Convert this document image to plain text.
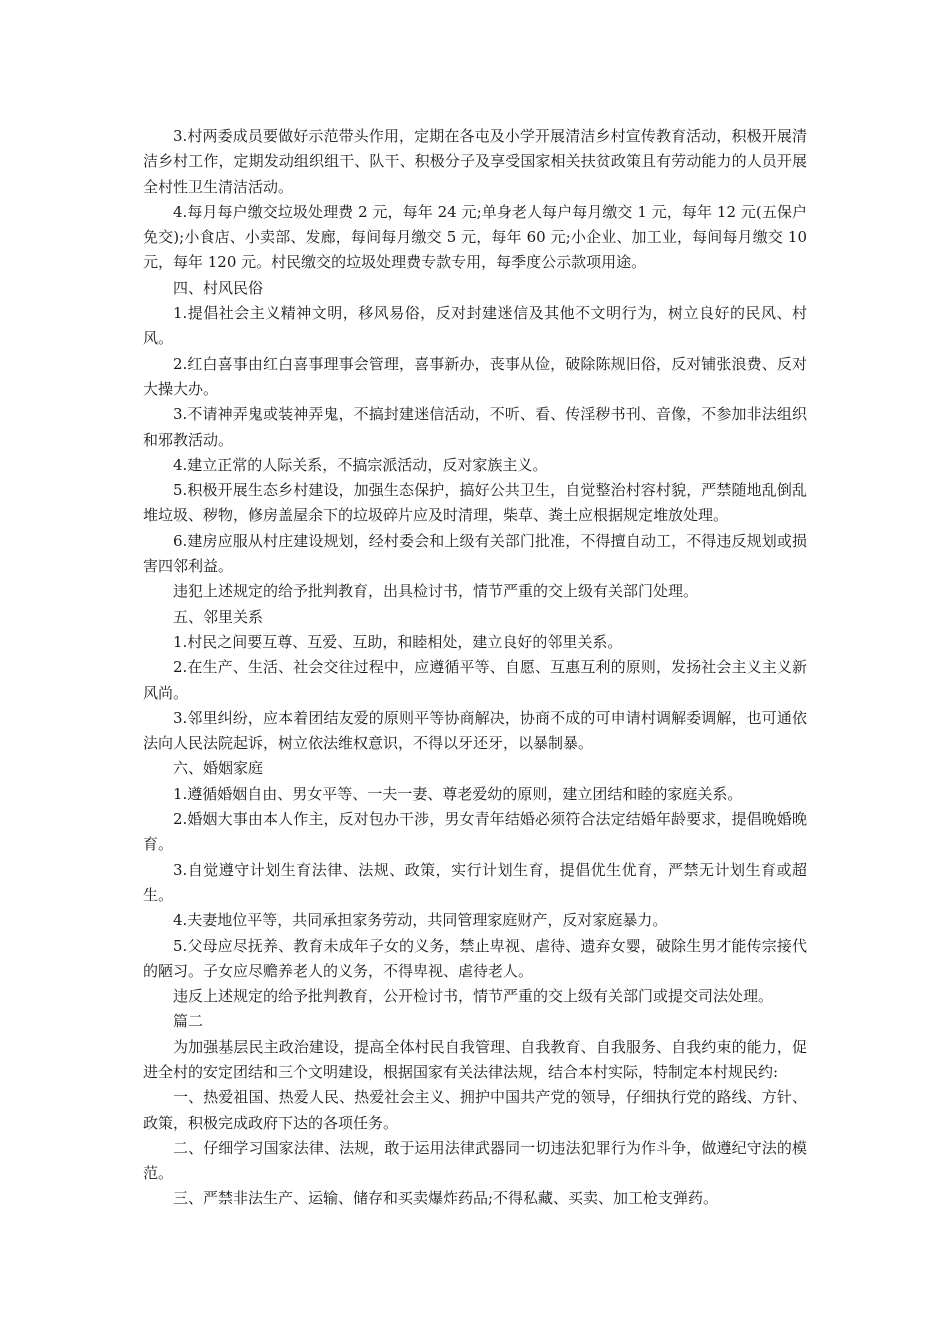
3.村两委成员要做好示范带头作用，定期在各屯及小学开展清洁乡村宣传教育活动，积极开展清洁乡村工作，定期发动组织组干、队干、积极分子及享受国家相关扶贫政策且有劳动能力的人员开展全村性卫生清洁活动。

4.每月每户缴交垃圾处理费 2 元，每年 24 元;单身老人每户每月缴交 1 元，每年 12 元(五保户免交);小食店、小卖部、发廊，每间每月缴交 5 元，每年 60 元;小企业、加工业，每间每月缴交 10 元，每年 120 元。村民缴交的垃圾处理费专款专用，每季度公示款项用途。

四、村风民俗

1.提倡社会主义精神文明，移风易俗，反对封建迷信及其他不文明行为，树立良好的民风、村风。

2.红白喜事由红白喜事理事会管理，喜事新办，丧事从俭，破除陈规旧俗，反对铺张浪费、反对大操大办。

3.不请神弄鬼或装神弄鬼，不搞封建迷信活动，不听、看、传淫秽书刊、音像，不参加非法组织和邪教活动。

4.建立正常的人际关系，不搞宗派活动，反对家族主义。

5.积极开展生态乡村建设，加强生态保护，搞好公共卫生，自觉整治村容村貌，严禁随地乱倒乱堆垃圾、秽物，修房盖屋余下的垃圾碎片应及时清理，柴草、粪土应根据规定堆放处理。

6.建房应服从村庄建设规划，经村委会和上级有关部门批准，不得擅自动工，不得违反规划或损害四邻利益。

违犯上述规定的给予批判教育，出具检讨书，情节严重的交上级有关部门处理。

五、邻里关系

1.村民之间要互尊、互爱、互助，和睦相处，建立良好的邻里关系。

2.在生产、生活、社会交往过程中，应遵循平等、自愿、互惠互利的原则，发扬社会主义主义新风尚。

3.邻里纠纷，应本着团结友爱的原则平等协商解决，协商不成的可申请村调解委调解，也可通依法向人民法院起诉，树立依法维权意识，不得以牙还牙，以暴制暴。

六、婚姻家庭

1.遵循婚姻自由、男女平等、一夫一妻、尊老爱幼的原则，建立团结和睦的家庭关系。

2.婚姻大事由本人作主，反对包办干涉，男女青年结婚必须符合法定结婚年龄要求，提倡晚婚晚育。

3.自觉遵守计划生育法律、法规、政策，实行计划生育，提倡优生优育，严禁无计划生育或超生。

4.夫妻地位平等，共同承担家务劳动，共同管理家庭财产，反对家庭暴力。

5.父母应尽抚养、教育未成年子女的义务，禁止卑视、虐待、遗弃女婴，破除生男才能传宗接代的陋习。子女应尽赡养老人的义务，不得卑视、虐待老人。

违反上述规定的给予批判教育，公开检讨书，情节严重的交上级有关部门或提交司法处理。

篇二

为加强基层民主政治建设，提高全体村民自我管理、自我教育、自我服务、自我约束的能力，促进全村的安定团结和三个文明建设，根据国家有关法律法规，结合本村实际，特制定本村规民约:

一、热爱祖国、热爱人民、热爱社会主义、拥护中国共产党的领导，仔细执行党的路线、方针、政策，积极完成政府下达的各项任务。

二、仔细学习国家法律、法规，敢于运用法律武器同一切违法犯罪行为作斗争，做遵纪守法的模范。

三、严禁非法生产、运输、储存和买卖爆炸药品;不得私藏、买卖、加工枪支弹药。
